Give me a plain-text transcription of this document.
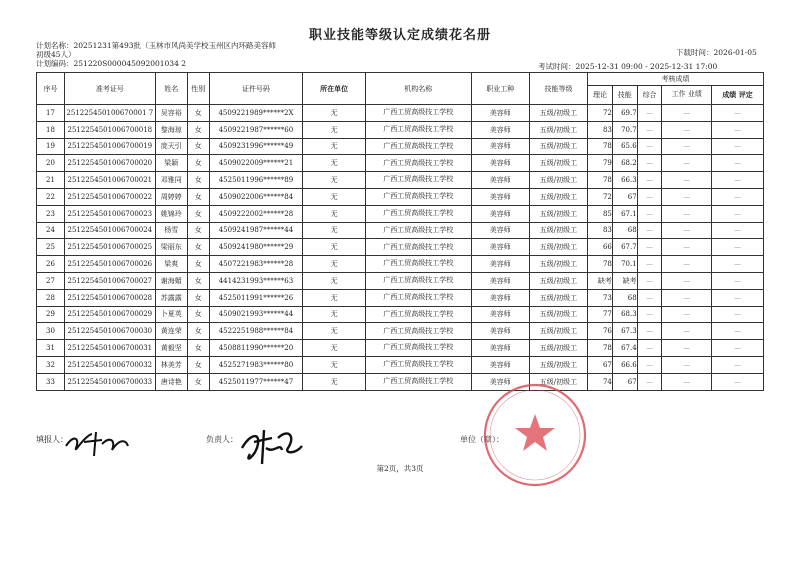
职业技能等级认定成绩花名册
计划名称：20251231第493批（玉林市风尚美学校玉州区内环路美容师
初级45人）
计划编码：251220S000045092001034 2
下载时间：2026-01-05
考试时间：2025-12-31 09:00 - 2025-12-31 17:00
序号	准考证号	姓名	性别	证件号码	所在单位	机构名称	职业工种	技能等级	考核成绩				
									理论	技能	综合	工作 业绩	成绩 评定
17	251225450100670001 7	吴容裕	女	4509221989******2X	无	广西工贸高级技工学校	美容师	五级/初级工	72	69.7	—	—	—
18	2512254501006700018	黎海琼	女	4509221987******60	无	广西工贸高级技工学校	美容师	五级/初级工	83	70.7	—	—	—
19	2512254501006700019	庞天引	女	4509231996******49	无	广西工贸高级技工学校	美容师	五级/初级工	78	65.6	—	—	—
20	2512254501006700020	梁颖	女	4509022009******21	无	广西工贸高级技工学校	美容师	五级/初级工	79	68.2	—	—	—
21	2512254501006700021	邓雅同	女	4525011996******89	无	广西工贸高级技工学校	美容师	五级/初级工	78	66.3	—	—	—
22	2512254501006700022	周婷婷	女	4509022006******84	无	广西工贸高级技工学校	美容师	五级/初级工	72	67	—	—	—
23	2512254501006700023	姚锦玲	女	4509222002******28	无	广西工贸高级技工学校	美容师	五级/初级工	85	67.1	—	—	—
24	2512254501006700024	杨雪	女	4509241987******44	无	广西工贸高级技工学校	美容师	五级/初级工	83	68	—	—	—
25	2512254501006700025	梁丽东	女	4509241980******29	无	广西工贸高级技工学校	美容师	五级/初级工	66	67.7	—	—	—
26	2512254501006700026	梁爽	女	4507221983******28	无	广西工贸高级技工学校	美容师	五级/初级工	78	70.1	—	—	—
27	2512254501006700027	谢海媚	女	4414231993******63	无	广西工贸高级技工学校	美容师	五级/初级工	缺考	缺考	—	—	—
28	2512254501006700028	苏露露	女	4525011991******26	无	广西工贸高级技工学校	美容师	五级/初级工	73	68	—	—	—
29	2512254501006700029	卜夏英	女	4509021993******44	无	广西工贸高级技工学校	美容师	五级/初级工	77	68.3	—	—	—
30	2512254501006700030	黄连荣	女	4522251988******84	无	广西工贸高级技工学校	美容师	五级/初级工	76	67.3	—	—	—
31	2512254501006700031	黄毅坚	女	4508811990******20	无	广西工贸高级技工学校	美容师	五级/初级工	78	67.4	—	—	—
32	2512254501006700032	林美芳	女	4525271983******80	无	广西工贸高级技工学校	美容师	五级/初级工	67	66.6	—	—	—
33	2512254501006700033	唐诗艳	女	4525011977******47	无	广西工贸高级技工学校	美容师	五级/初级工	74	67	—	—	—
填报人：	负责人：	单位（章）：
第2页，共3页
